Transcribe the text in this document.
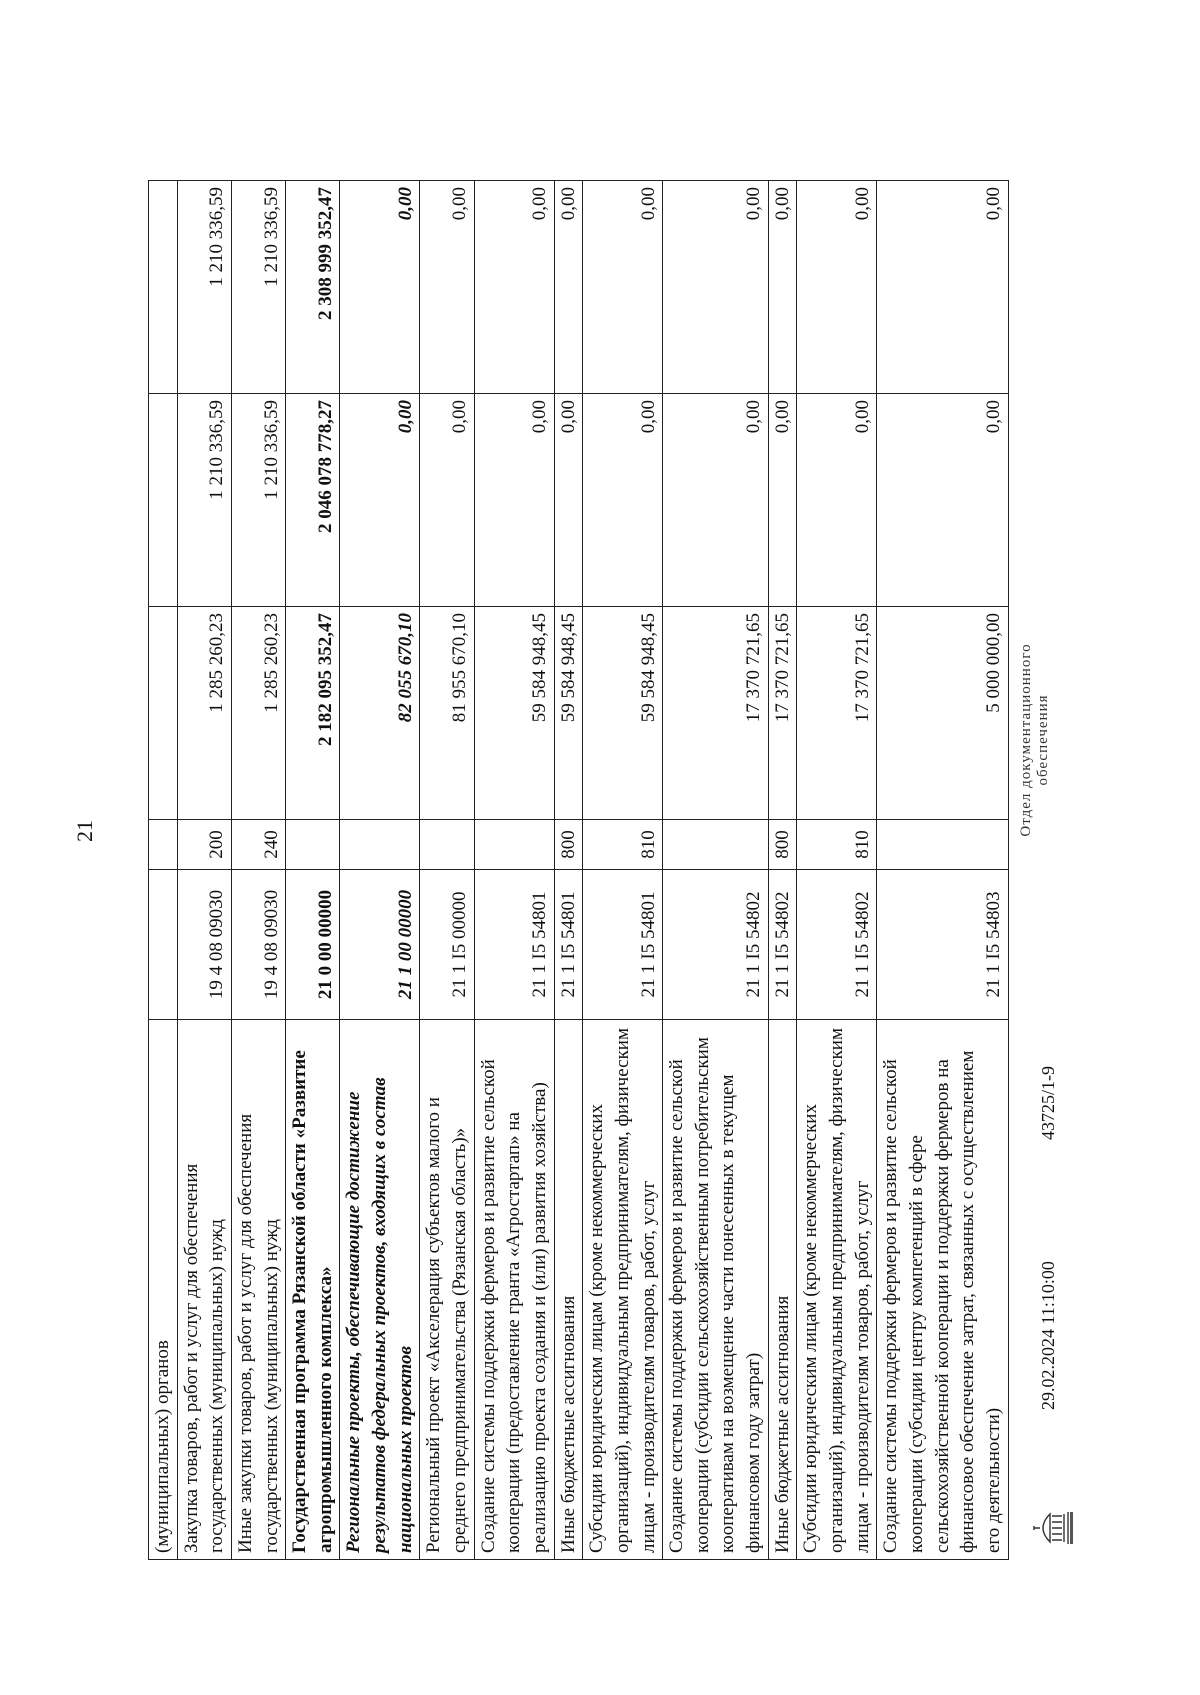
21
(муниципальных) органов					
Закупка товаров, работ и услуг для обеспечения государственных (муниципальных) нужд	19 4 08 09030	200	1 285 260,23	1 210 336,59	1 210 336,59
Иные закупки товаров, работ и услуг для обеспечения государственных (муниципальных) нужд	19 4 08 09030	240	1 285 260,23	1 210 336,59	1 210 336,59
Государственная программа Рязанской области «Развитие агропромышленного комплекса»	21 0 00 00000		2 182 095 352,47	2 046 078 778,27	2 308 999 352,47
Региональные проекты, обеспечивающие достижение результатов федеральных проектов, входящих в состав национальных проектов	21 1 00 00000		82 055 670,10	0,00	0,00
Региональный проект «Акселерация субъектов малого и среднего предпринимательства (Рязанская область)»	21 1 I5 00000		81 955 670,10	0,00	0,00
Создание системы поддержки фермеров и развитие сельской кооперации (предоставление гранта «Агростартап» на реализацию проекта создания и (или) развития хозяйства)	21 1 I5 54801		59 584 948,45	0,00	0,00
Иные бюджетные ассигнования	21 1 I5 54801	800	59 584 948,45	0,00	0,00
Субсидии юридическим лицам (кроме некоммерческих организаций), индивидуальным предпринимателям, физическим лицам - производителям товаров, работ, услуг	21 1 I5 54801	810	59 584 948,45	0,00	0,00
Создание системы поддержки фермеров и развитие сельской кооперации (субсидии сельскохозяйственным потребительским кооперативам на возмещение части понесенных в текущем финансовом году затрат)	21 1 I5 54802		17 370 721,65	0,00	0,00
Иные бюджетные ассигнования	21 1 I5 54802	800	17 370 721,65	0,00	0,00
Субсидии юридическим лицам (кроме некоммерческих организаций), индивидуальным предпринимателям, физическим лицам - производителям товаров, работ, услуг	21 1 I5 54802	810	17 370 721,65	0,00	0,00
Создание системы поддержки фермеров и развитие сельской кооперации (субсидии центру компетенций в сфере сельскохозяйственной кооперации и поддержки фермеров на финансовое обеспечение затрат, связанных с осуществлением его деятельности)	21 1 I5 54803		5 000 000,00	0,00	0,00
29.02.2024 11:10:00
43725/1-9
Отдел документационного обеспечения
